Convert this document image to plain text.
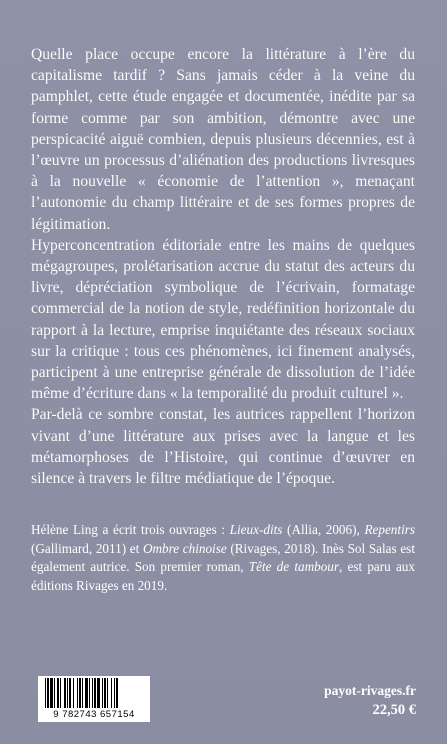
Quelle place occupe encore la littérature à l’ère du capitalisme tardif ? Sans jamais céder à la veine du pamphlet, cette étude engagée et documentée, inédite par sa forme comme par son ambition, démontre avec une perspicacité aiguë combien, depuis plusieurs décennies, est à l’œuvre un processus d’aliénation des productions livresques à la nouvelle « économie de l’attention », menaçant l’autonomie du champ littéraire et de ses formes propres de légitimation.

Hyperconcentration éditoriale entre les mains de quelques mégagroupes, prolétarisation accrue du statut des acteurs du livre, dépréciation symbolique de l’écrivain, formatage commercial de la notion de style, redéfinition horizontale du rapport à la lecture, emprise inquiétante des réseaux sociaux sur la critique : tous ces phénomènes, ici finement analysés, participent à une entreprise générale de dissolution de l’idée même d’écriture dans « la temporalité du produit culturel ».

Par-delà ce sombre constat, les autrices rappellent l’horizon vivant d’une littérature aux prises avec la langue et les métamorphoses de l’Histoire, qui continue d’œuvrer en silence à travers le filtre médiatique de l’époque.

Hélène Ling a écrit trois ouvrages : Lieux-dits (Allia, 2006), Repentirs (Gallimard, 2011) et Ombre chinoise (Rivages, 2018). Inès Sol Salas est également autrice. Son premier roman, Tête de tambour, est paru aux éditions Rivages en 2019.

9 782743 657154
payot-rivages.fr
22,50 €
